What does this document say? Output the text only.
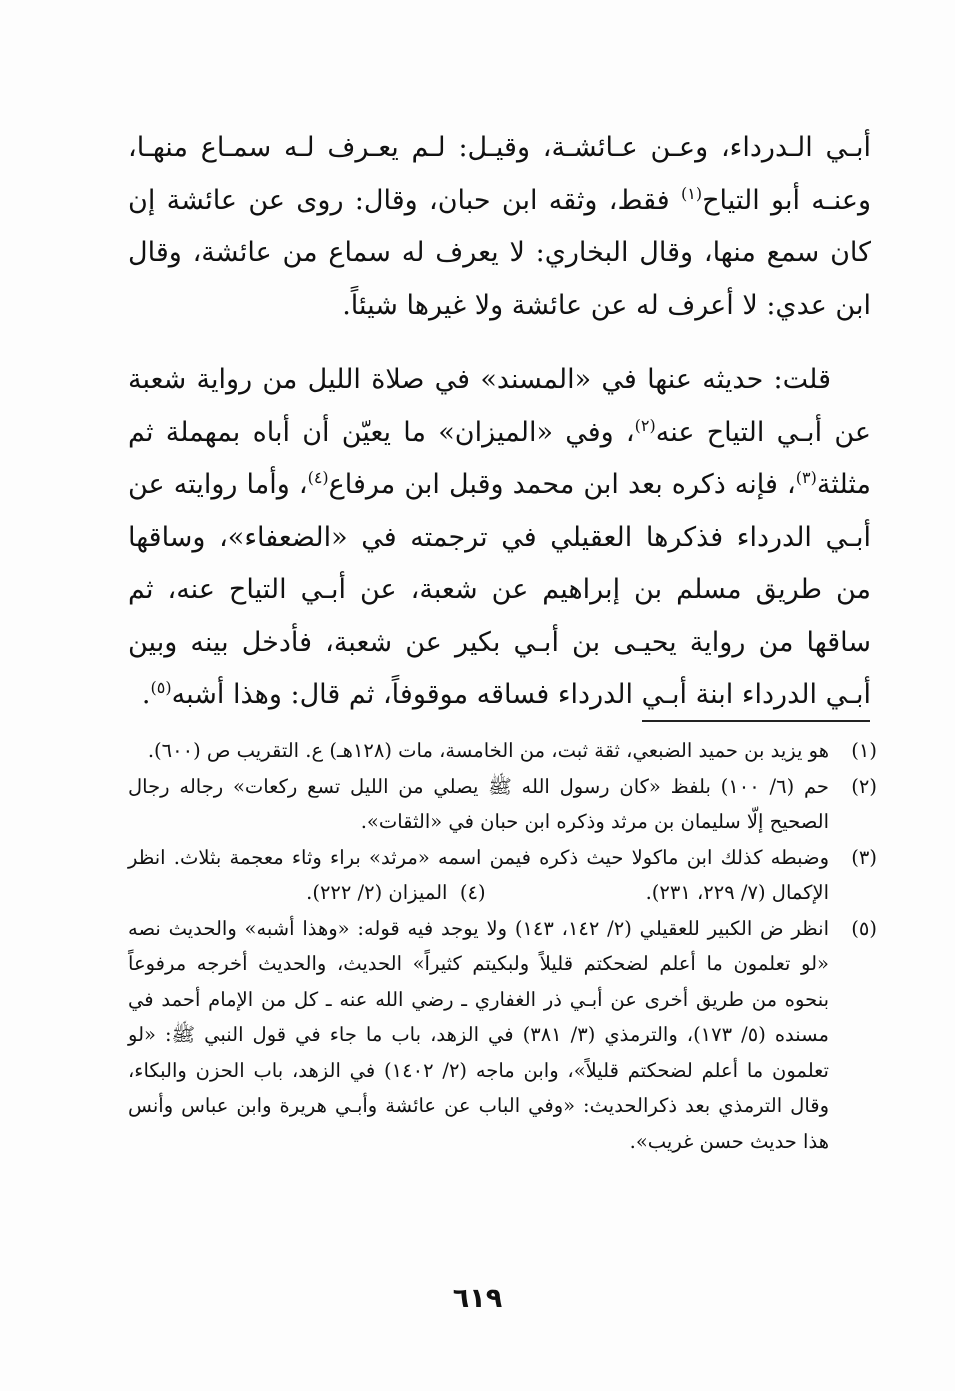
أبـي الـدرداء، وعـن عـائشـة، وقيـل: لـم يعـرف لـه سمـاع منهـا، وعنـه أبو التياح$^{(١)}$ فقط، وثقه ابن حبان، وقال: روى عن عائشة إن كان سمع منها، وقال البخاري: لا يعرف له سماع من عائشة، وقال ابن عدي: لا أعرف له عن عائشة ولا غيرها شيئاً.

قلت: حديثه عنها في «المسند» في صلاة الليل من رواية شعبة عن أبـي التياح عنه$^{(٢)}$، وفي «الميزان» ما يعيّن أن أباه بمهملة ثم مثلثة$^{(٣)}$، فإنه ذكره بعد ابن محمد وقبل ابن مرفاع$^{(٤)}$، وأما روايته عن أبـي الدرداء فذكرها العقيلي في ترجمته في «الضعفاء»، وساقها من طريق مسلم بن إبراهيم عن شعبة، عن أبـي التياح عنه، ثم ساقها من رواية يحيـى بن أبـي بكير عن شعبة، فأدخل بينه وبين أبـي الدرداء ابنة أبـي الدرداء فساقه موقوفاً، ثم قال: وهذا أشبه$^{(٥)}$.

(١)
هو يزيد بن حميد الضبعي، ثقة ثبت، من الخامسة، مات (١٢٨هـ) ع. التقريب ص (٦٠٠).
(٢)
حم (٦/ ١٠٠) بلفظ «كان رسول الله ﷺ يصلي من الليل تسع ركعات» رجاله رجال الصحيح إلّا سليمان بن مرثد وذكره ابن حبان في «الثقات».
(٣)
وضبطه كذلك ابن ماكولا حيث ذكره فيمن اسمه «مرثد» براء وثاء معجمة بثلاث. انظر الإكمال (٧/ ٢٢٩، ٢٣١).(٤)  الميزان (٢/ ٢٢٢).
(٥)
انظر ض الكبير للعقيلي (٢/ ١٤٢، ١٤٣) ولا يوجد فيه قوله: «وهذا أشبه» والحديث نصه «لو تعلمون ما أعلم لضحكتم قليلاً ولبكيتم كثيراً» الحديث، والحديث أخرجه مرفوعاً بنحوه من طريق أخرى عن أبـي ذر الغفاري ـ رضي الله عنه ـ كل من الإمام أحمد في مسنده (٥/ ١٧٣)، والترمذي (٣/ ٣٨١) في الزهد، باب ما جاء في قول النبي ﷺ: «لو تعلمون ما أعلم لضحكتم قليلاً»، وابن ماجه (٢/ ١٤٠٢) في الزهد، باب الحزن والبكاء، وقال الترمذي بعد ذكرالحديث: «وفي الباب عن عائشة وأبـي هريرة وابن عباس وأنس هذا حديث حسن غريب».
٦١٩
